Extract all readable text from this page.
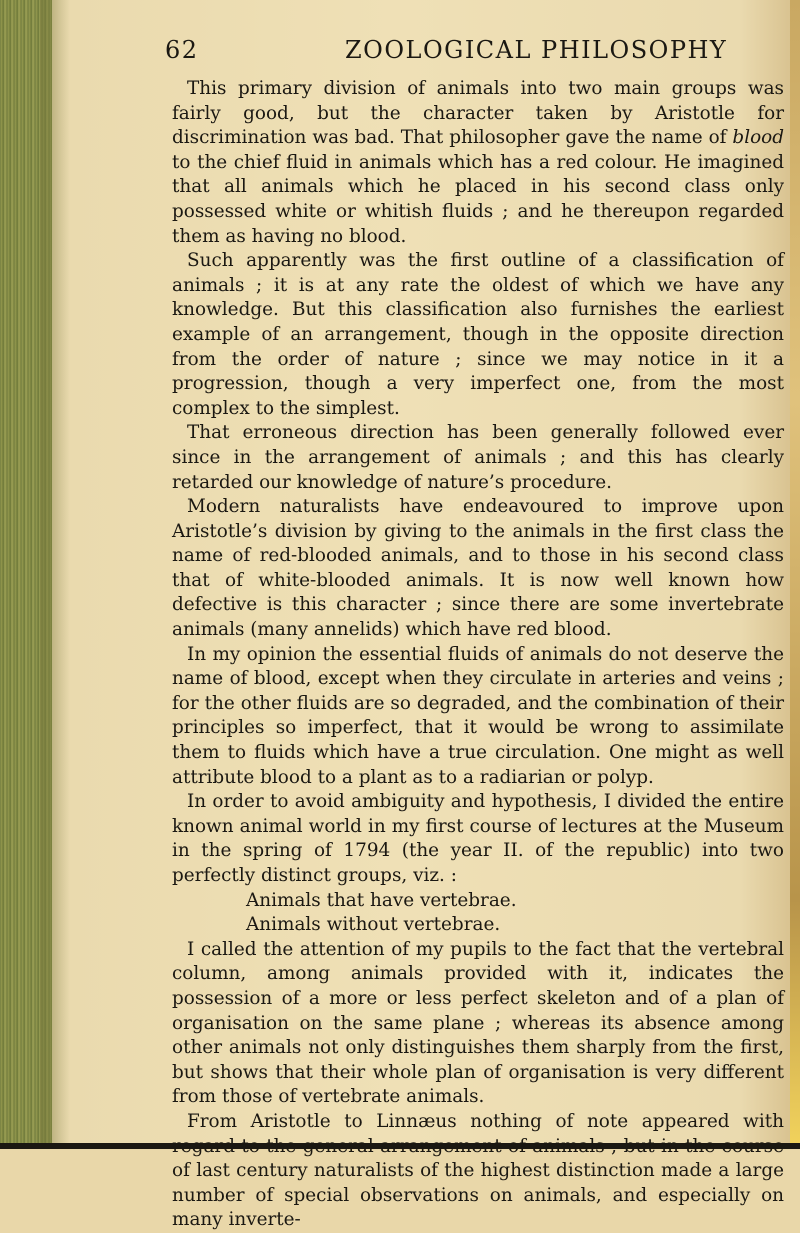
62	ZOOLOGICAL PHILOSOPHY

This primary division of animals into two main groups was fairly good, but the character taken by Aristotle for discrimination was bad. That philosopher gave the name of blood to the chief fluid in animals which has a red colour. He imagined that all animals which he placed in his second class only possessed white or whitish fluids ; and he thereupon regarded them as having no blood.

Such apparently was the first outline of a classification of animals ; it is at any rate the oldest of which we have any knowledge. But this classification also furnishes the earliest example of an arrangement, though in the opposite direction from the order of nature ; since we may notice in it a progression, though a very imperfect one, from the most complex to the simplest.

That erroneous direction has been generally followed ever since in the arrangement of animals ; and this has clearly retarded our knowledge of nature’s procedure.

Modern naturalists have endeavoured to improve upon Aristotle’s division by giving to the animals in the first class the name of red-blooded animals, and to those in his second class that of white-blooded animals. It is now well known how defective is this character ; since there are some invertebrate animals (many annelids) which have red blood.

In my opinion the essential fluids of animals do not deserve the name of blood, except when they circulate in arteries and veins ; for the other fluids are so degraded, and the combination of their principles so imperfect, that it would be wrong to assimilate them to fluids which have a true circulation. One might as well attribute blood to a plant as to a radiarian or polyp.

In order to avoid ambiguity and hypothesis, I divided the entire known animal world in my first course of lectures at the Museum in the spring of 1794 (the year II. of the republic) into two perfectly distinct groups, viz. :

Animals that have vertebrae.

Animals without vertebrae.

I called the attention of my pupils to the fact that the vertebral column, among animals provided with it, indicates the possession of a more or less perfect skeleton and of a plan of organisation on the same plane ; whereas its absence among other animals not only distinguishes them sharply from the first, but shows that their whole plan of organisation is very different from those of vertebrate animals.

From Aristotle to Linnæus nothing of note appeared with regard to the general arrangement of animals ; but in the course of last century naturalists of the highest distinction made a large number of special observations on animals, and especially on many inverte-
